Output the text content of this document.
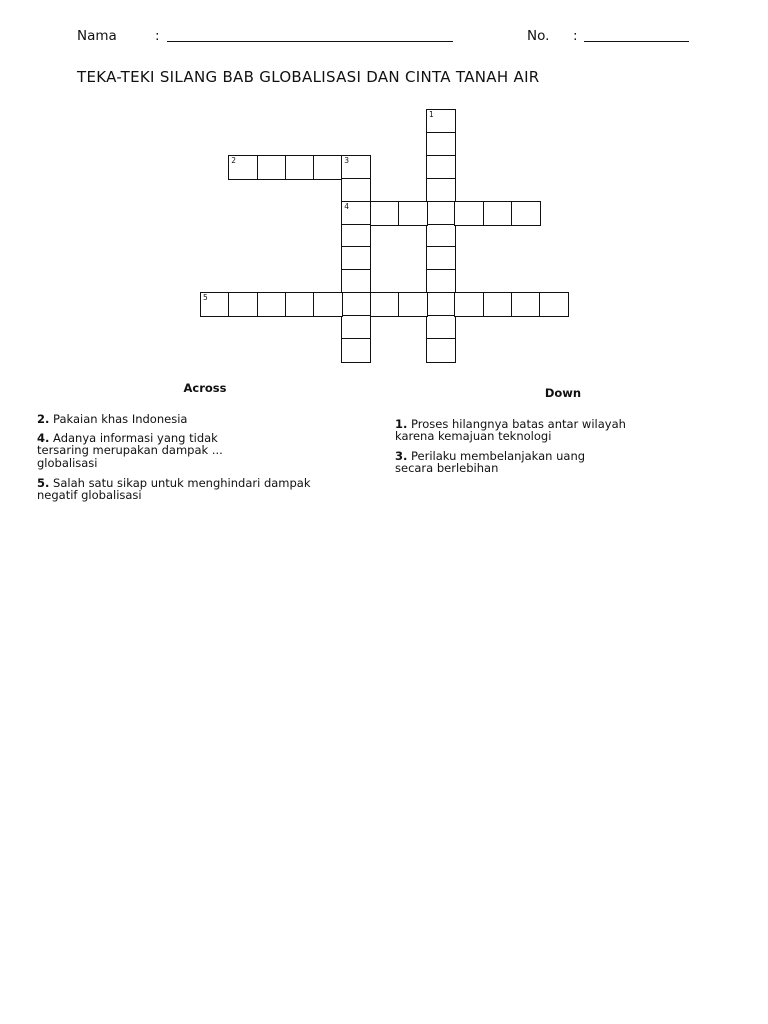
Nama	:	No. :
TEKA-TEKI SILANG BAB GLOBALISASI DAN CINTA TANAH AIR
1
2	3
4
5
Across	Down

2. Pakaian khas Indonesia

4. Adanya informasi yang tidak
tersaring merupakan dampak ...
globalisasi

5. Salah satu sikap untuk menghindari dampak
negatif globalisasi

1. Proses hilangnya batas antar wilayah
karena kemajuan teknologi

3. Perilaku membelanjakan uang
secara berlebihan
